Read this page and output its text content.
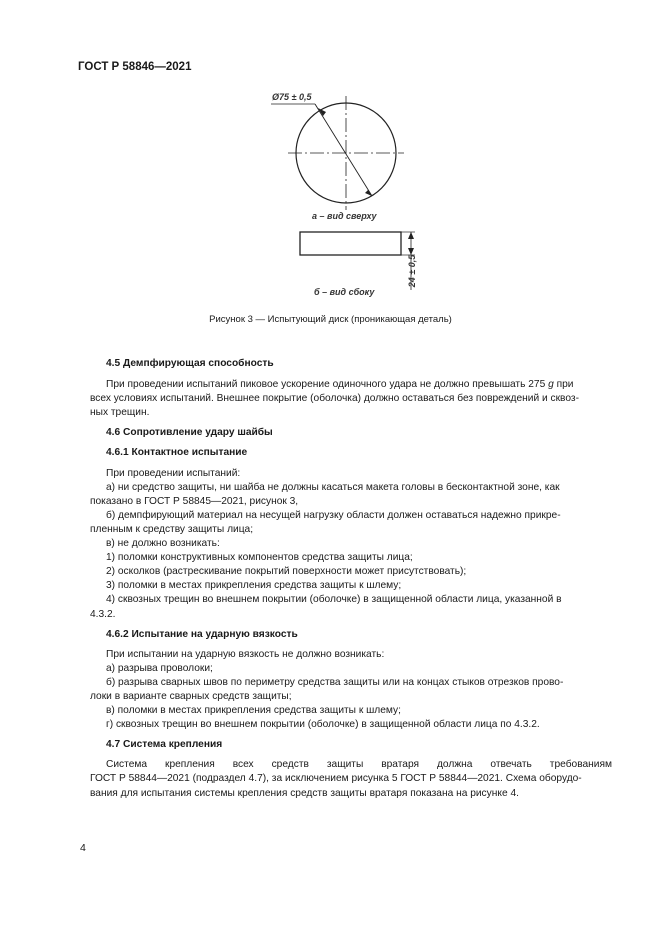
ГОСТ Р 58846—2021
Ø75 ± 0,5
а – вид сверху
24 ± 0,5
б – вид сбоку
Рисунок 3 — Испытующий диск (проникающая деталь)
4.5 Демпфирующая способность
При проведении испытаний пиковое ускорение одиночного удара не должно превышать 275 g при
всех условиях испытаний. Внешнее покрытие (оболочка) должно оставаться без повреждений и сквоз-
ных трещин.
4.6 Сопротивление удару шайбы
4.6.1 Контактное испытание
При проведении испытаний:
а) ни средство защиты, ни шайба не должны касаться макета головы в бесконтактной зоне, как
показано в ГОСТ Р 58845—2021, рисунок 3,
б) демпфирующий материал на несущей нагрузку области должен оставаться надежно прикре-
пленным к средству защиты лица;
в) не должно возникать:
1) поломки конструктивных компонентов средства защиты лица;
2) осколков (растрескивание покрытий поверхности может присутствовать);
3) поломки в местах прикрепления средства защиты к шлему;
4) сквозных трещин во внешнем покрытии (оболочке) в защищенной области лица, указанной в
4.3.2.
4.6.2 Испытание на ударную вязкость
При испытании на ударную вязкость не должно возникать:
а) разрыва проволоки;
б) разрыва сварных швов по периметру средства защиты или на концах стыков отрезков прово-
локи в варианте сварных средств защиты;
в) поломки в местах прикрепления средства защиты к шлему;
г) сквозных трещин во внешнем покрытии (оболочке) в защищенной области лица по 4.3.2.
4.7 Система крепления
Система крепления всех средств защиты вратаря должна отвечать требованиям
ГОСТ Р 58844—2021 (подраздел 4.7), за исключением рисунка 5 ГОСТ Р 58844—2021. Схема оборудо-
вания для испытания системы крепления средств защиты вратаря показана на рисунке 4.
4
